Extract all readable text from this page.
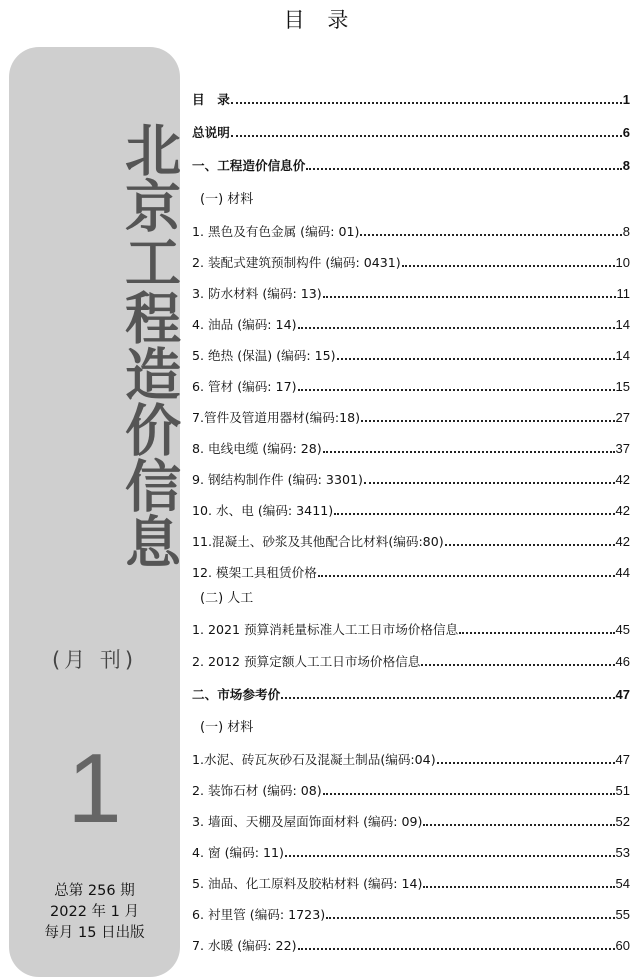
目 录
北京工程造价信息
(月 刊)
1
总第 256 期
2022 年 1 月
每月 15 日出版
目　录	1
总说明	6
一、工程造价信息价	8
(一) 材料
1. 黑色及有色金属 (编码: 01)	8
2. 装配式建筑预制构件 (编码: 0431)	10
3. 防水材料 (编码: 13)	11
4. 油品 (编码: 14)	14
5. 绝热 (保温) (编码: 15)	14
6. 管材 (编码: 17)	15
7.管件及管道用器材(编码:18)	27
8. 电线电缆 (编码: 28)	37
9. 钢结构制作件 (编码: 3301)	42
10. 水、电 (编码: 3411)	42
11.混凝土、砂浆及其他配合比材料(编码:80)	42
12. 模架工具租赁价格	44
(二) 人工
1. 2021 预算消耗量标准人工工日市场价格信息	45
2. 2012 预算定额人工工日市场价格信息	46
二、市场参考价	47
(一) 材料
1.水泥、砖瓦灰砂石及混凝土制品(编码:04)	47
2. 装饰石材 (编码: 08)	51
3. 墙面、天棚及屋面饰面材料 (编码: 09)	52
4. 窗 (编码: 11)	53
5. 油品、化工原料及胶粘材料 (编码: 14)	54
6. 衬里管 (编码: 1723)	55
7. 水暖 (编码: 22)	60
